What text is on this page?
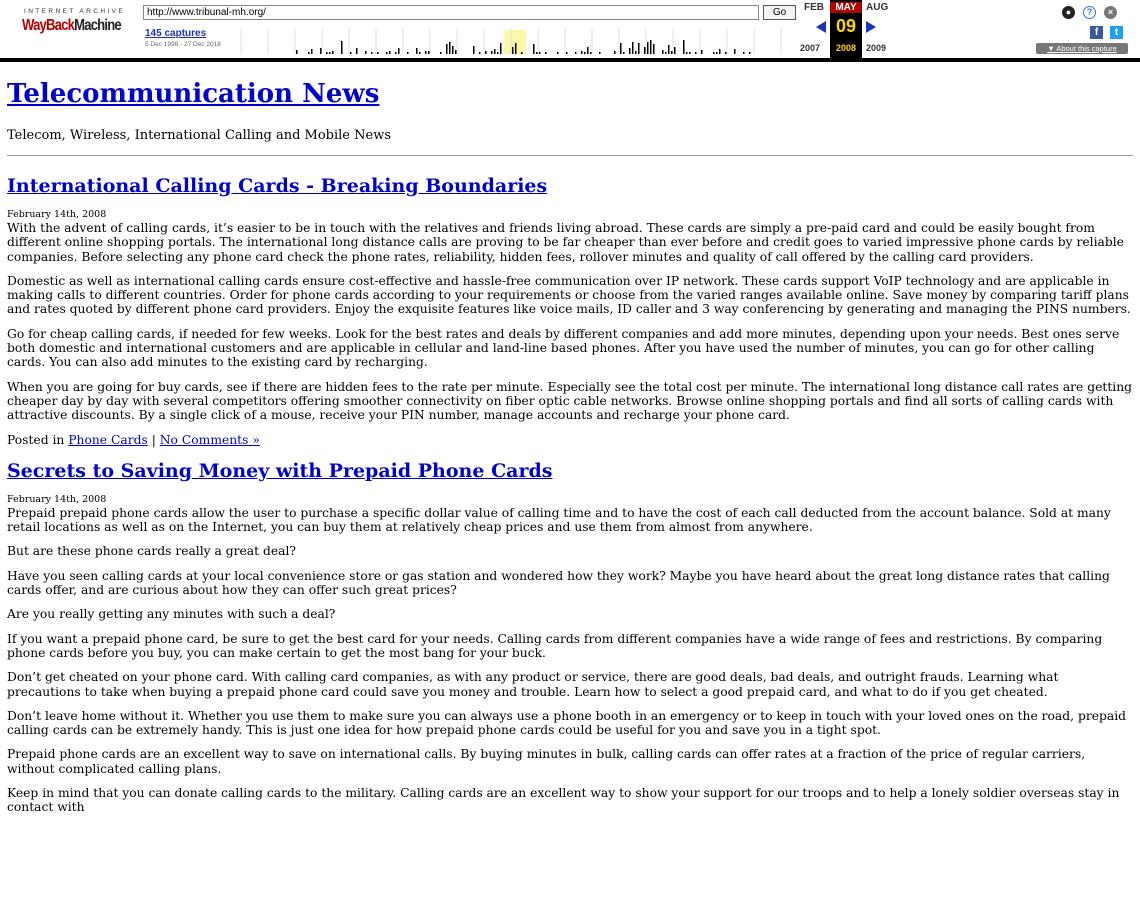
INTERNET ARCHIVE
WayBackMachine
http://www.tribunal-mh.org/	Go
145 captures
5 Dec 1998 - 27 Dec 2018
FEB	MAY AUG
09
2007	2008	2009
●	?	×
f	t
▼ About this capture
Telecommunication News
Telecom, Wireless, International Calling and Mobile News
International Calling Cards - Breaking Boundaries
February 14th, 2008

With the advent of calling cards, it’s easier to be in touch with the relatives and friends living abroad. These cards are simply a pre-paid card and could be easily bought from different online shopping portals. The international long distance calls are proving to be far cheaper than ever before and credit goes to varied impressive phone cards by reliable companies. Before selecting any phone card check the phone rates, reliability, hidden fees, rollover minutes and quality of call offered by the calling card providers.

Domestic as well as international calling cards ensure cost-effective and hassle-free communication over IP network. These cards support VoIP technology and are applicable in making calls to different countries. Order for phone cards according to your requirements or choose from the varied ranges available online. Save money by comparing tariff plans and rates quoted by different phone card providers. Enjoy the exquisite features like voice mails, ID caller and 3 way conferencing by generating and managing the PINS numbers.

Go for cheap calling cards, if needed for few weeks. Look for the best rates and deals by different companies and add more minutes, depending upon your needs. Best ones serve both domestic and international customers and are applicable in cellular and land-line based phones. After you have used the number of minutes, you can go for other calling cards. You can also add minutes to the existing card by recharging.

When you are going for buy cards, see if there are hidden fees to the rate per minute. Especially see the total cost per minute. The international long distance call rates are getting cheaper day by day with several competitors offering smoother connectivity on fiber optic cable networks. Browse online shopping portals and find all sorts of calling cards with attractive discounts. By a single click of a mouse, receive your PIN number, manage accounts and recharge your phone card.

Posted in Phone Cards | No Comments »

Secrets to Saving Money with Prepaid Phone Cards
February 14th, 2008

Prepaid prepaid phone cards allow the user to purchase a specific dollar value of calling time and to have the cost of each call deducted from the account balance. Sold at many retail locations as well as on the Internet, you can buy them at relatively cheap prices and use them from almost from anywhere.

But are these phone cards really a great deal?

Have you seen calling cards at your local convenience store or gas station and wondered how they work? Maybe you have heard about the great long distance rates that calling cards offer, and are curious about how they can offer such great prices?

Are you really getting any minutes with such a deal?

If you want a prepaid phone card, be sure to get the best card for your needs. Calling cards from different companies have a wide range of fees and restrictions. By comparing phone cards before you buy, you can make certain to get the most bang for your buck.

Don’t get cheated on your phone card. With calling card companies, as with any product or service, there are good deals, bad deals, and outright frauds. Learning what precautions to take when buying a prepaid phone card could save you money and trouble. Learn how to select a good prepaid card, and what to do if you get cheated.

Don’t leave home without it. Whether you use them to make sure you can always use a phone booth in an emergency or to keep in touch with your loved ones on the road, prepaid calling cards can be extremely handy. This is just one idea for how prepaid phone cards could be useful for you and save you in a tight spot.

Prepaid phone cards are an excellent way to save on international calls. By buying minutes in bulk, calling cards can offer rates at a fraction of the price of regular carriers, without complicated calling plans.

Keep in mind that you can donate calling cards to the military. Calling cards are an excellent way to show your support for our troops and to help a lonely soldier overseas stay in contact with
